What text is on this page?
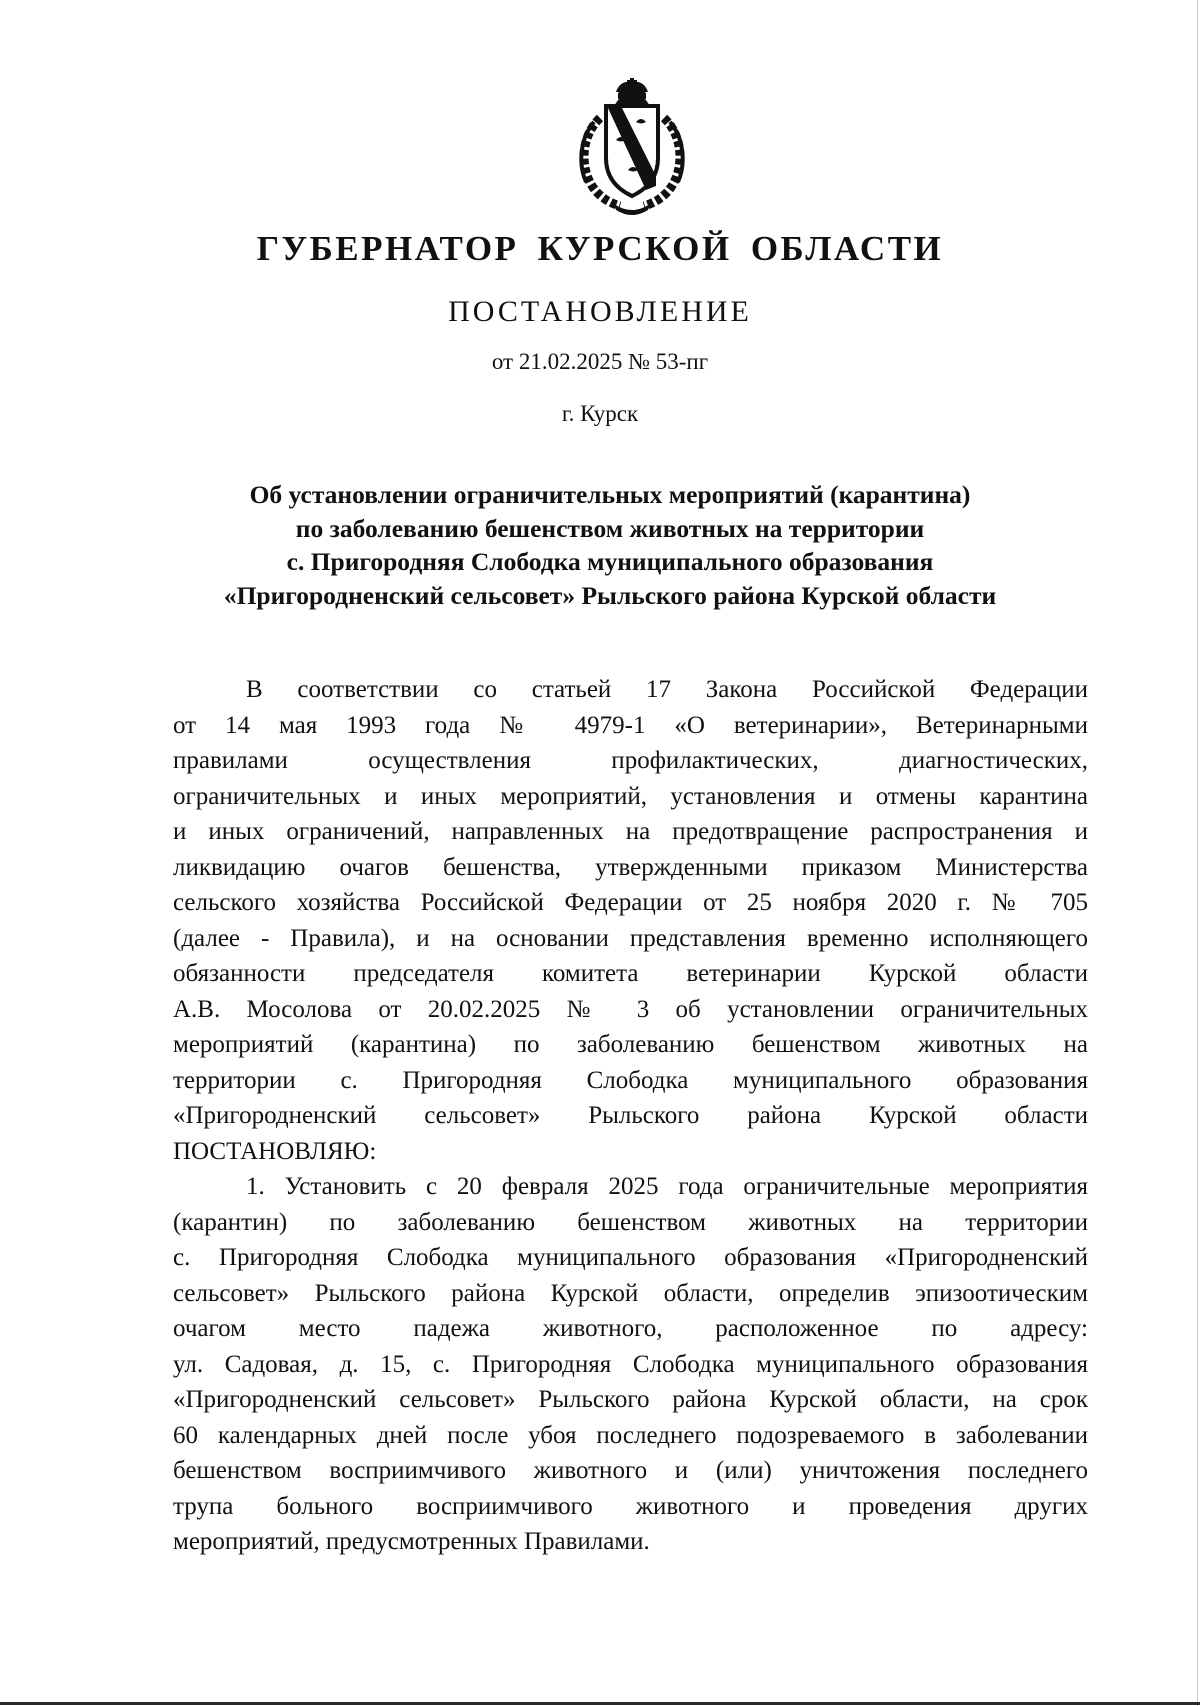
ГУБЕРНАТОР КУРСКОЙ ОБЛАСТИ
ПОСТАНОВЛЕНИЕ
от 21.02.2025 № 53-пг
г. Курск
Об установлении ограничительных мероприятий (карантина)
по заболеванию бешенством животных на территории
с. Пригородняя Слободка муниципального образования
«Пригородненский сельсовет» Рыльского района Курской области
В соответствии со статьей 17 Закона Российской Федерации
от 14 мая 1993 года № 4979-1 «О ветеринарии», Ветеринарными
правилами осуществления профилактических, диагностических,
ограничительных и иных мероприятий, установления и отмены карантина
и иных ограничений, направленных на предотвращение распространения и
ликвидацию очагов бешенства, утвержденными приказом Министерства
сельского хозяйства Российской Федерации от 25 ноября 2020 г. № 705
(далее - Правила), и на основании представления временно исполняющего
обязанности председателя комитета ветеринарии Курской области
А.В. Мосолова от 20.02.2025 № 3 об установлении ограничительных
мероприятий (карантина) по заболеванию бешенством животных на
территории с. Пригородняя Слободка муниципального образования
«Пригородненский сельсовет» Рыльского района Курской области
ПОСТАНОВЛЯЮ:
1. Установить с 20 февраля 2025 года ограничительные мероприятия
(карантин) по заболеванию бешенством животных на территории
с. Пригородняя Слободка муниципального образования «Пригородненский
сельсовет» Рыльского района Курской области, определив эпизоотическим
очагом место падежа животного, расположенное по адресу:
ул. Садовая, д. 15, с. Пригородняя Слободка муниципального образования
«Пригородненский сельсовет» Рыльского района Курской области, на срок
60 календарных дней после убоя последнего подозреваемого в заболевании
бешенством восприимчивого животного и (или) уничтожения последнего
трупа больного восприимчивого животного и проведения других
мероприятий, предусмотренных Правилами.
